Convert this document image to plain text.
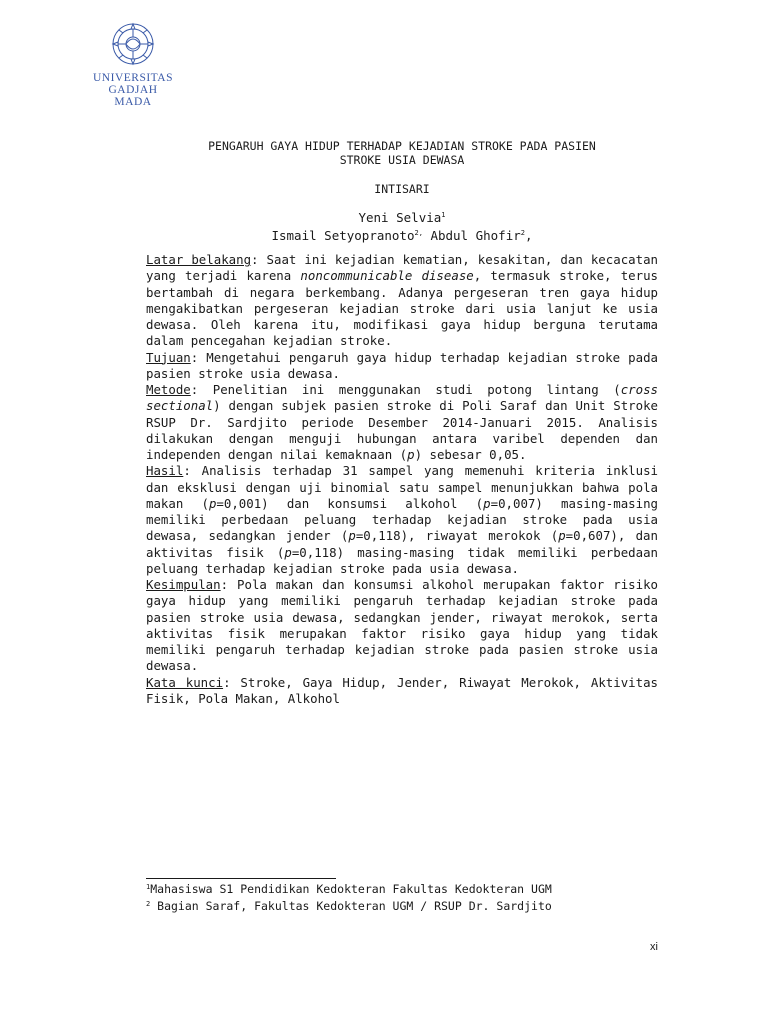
UNIVERSITAS
GADJAH MADA
PENGARUH GAYA HIDUP TERHADAP KEJADIAN STROKE PADA PASIEN
STROKE USIA DEWASA
INTISARI
Yeni Selvia$^1$
Ismail Setyopranoto$^{2,}$ Abdul Ghofir$^2$,

Latar belakang: Saat ini kejadian kematian, kesakitan, dan kecacatan yang terjadi karena noncommunicable disease, termasuk stroke, terus bertambah di negara berkembang. Adanya pergeseran tren gaya hidup mengakibatkan pergeseran kejadian stroke dari usia lanjut ke usia dewasa. Oleh karena itu, modifikasi gaya hidup berguna terutama dalam pencegahan kejadian stroke.

Tujuan: Mengetahui pengaruh gaya hidup terhadap kejadian stroke pada pasien stroke usia dewasa.

Metode: Penelitian ini menggunakan studi potong lintang (cross sectional) dengan subjek pasien stroke di Poli Saraf dan Unit Stroke RSUP Dr. Sardjito periode Desember 2014-Januari 2015. Analisis dilakukan dengan menguji hubungan antara varibel dependen dan independen dengan nilai kemaknaan (p) sebesar 0,05.

Hasil: Analisis terhadap 31 sampel yang memenuhi kriteria inklusi dan eksklusi dengan uji binomial satu sampel menunjukkan bahwa pola makan (p=0,001) dan konsumsi alkohol (p=0,007) masing-masing memiliki perbedaan peluang terhadap kejadian stroke pada usia dewasa, sedangkan jender (p=0,118), riwayat merokok (p=0,607), dan aktivitas fisik (p=0,118) masing-masing tidak memiliki perbedaan peluang terhadap kejadian stroke pada usia dewasa.

Kesimpulan: Pola makan dan konsumsi alkohol merupakan faktor risiko gaya hidup yang memiliki pengaruh terhadap kejadian stroke pada pasien stroke usia dewasa, sedangkan jender, riwayat merokok, serta aktivitas fisik merupakan faktor risiko gaya hidup yang tidak memiliki pengaruh terhadap kejadian stroke pada pasien stroke usia dewasa.

Kata kunci: Stroke, Gaya Hidup, Jender, Riwayat Merokok, Aktivitas Fisik, Pola Makan, Alkohol

$^1$Mahasiswa S1 Pendidikan Kedokteran Fakultas Kedokteran UGM
$^2$ Bagian Saraf, Fakultas Kedokteran UGM / RSUP Dr. Sardjito
xi
